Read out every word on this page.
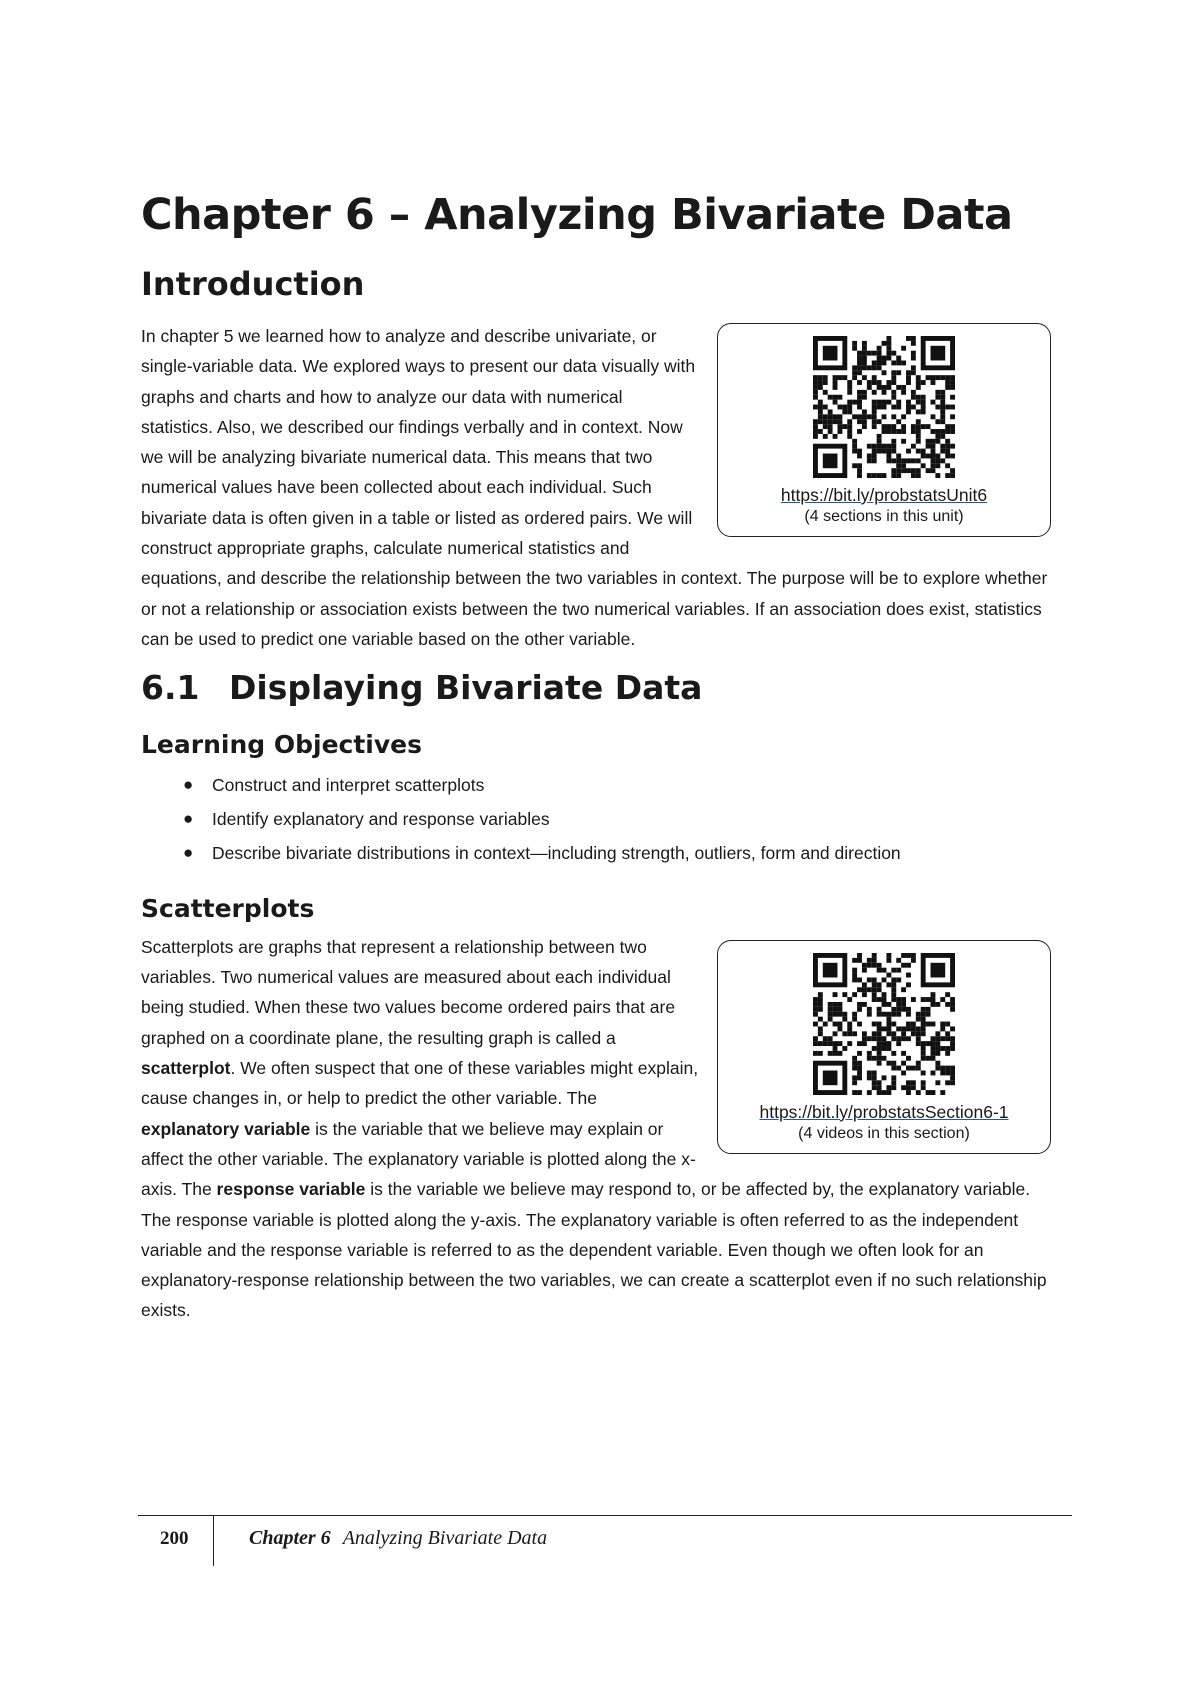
Chapter 6 – Analyzing Bivariate Data
Introduction
https://bit.ly/probstatsUnit6
(4 sections in this unit)

In chapter 5 we learned how to analyze and describe univariate, or single-variable data. We explored ways to present our data visually with graphs and charts and how to analyze our data with numerical statistics. Also, we described our findings verbally and in context. Now we will be analyzing bivariate numerical data. This means that two numerical values have been collected about each individual. Such bivariate data is often given in a table or listed as ordered pairs. We will construct appropriate graphs, calculate numerical statistics and equations, and describe the relationship between the two variables in context. The purpose will be to explore whether or not a relationship or association exists between the two numerical variables. If an association does exist, statistics can be used to predict one variable based on the other variable.

6.1 Displaying Bivariate Data
Learning Objectives
● Construct and interpret scatterplots
● Identify explanatory and response variables
● Describe bivariate distributions in context—including strength, outliers, form and direction
Scatterplots

https://bit.ly/probstatsSection6-1
(4 videos in this section)
Scatterplots are graphs that represent a relationship between two variables. Two numerical values are measured about each individual being studied. When these two values become ordered pairs that are graphed on a coordinate plane, the resulting graph is called a scatterplot. We often suspect that one of these variables might explain, cause changes in, or help to predict the other variable. The explanatory variable is the variable that we believe may explain or affect the other variable. The explanatory variable is plotted along the x-axis. The response variable is the variable we believe may respond to, or be affected by, the explanatory variable. The response variable is plotted along the y-axis. The explanatory variable is often referred to as the independent variable and the response variable is referred to as the dependent variable. Even though we often look for an explanatory-response relationship between the two variables, we can create a scatterplot even if no such relationship exists.

200	Chapter 6 Analyzing Bivariate Data
